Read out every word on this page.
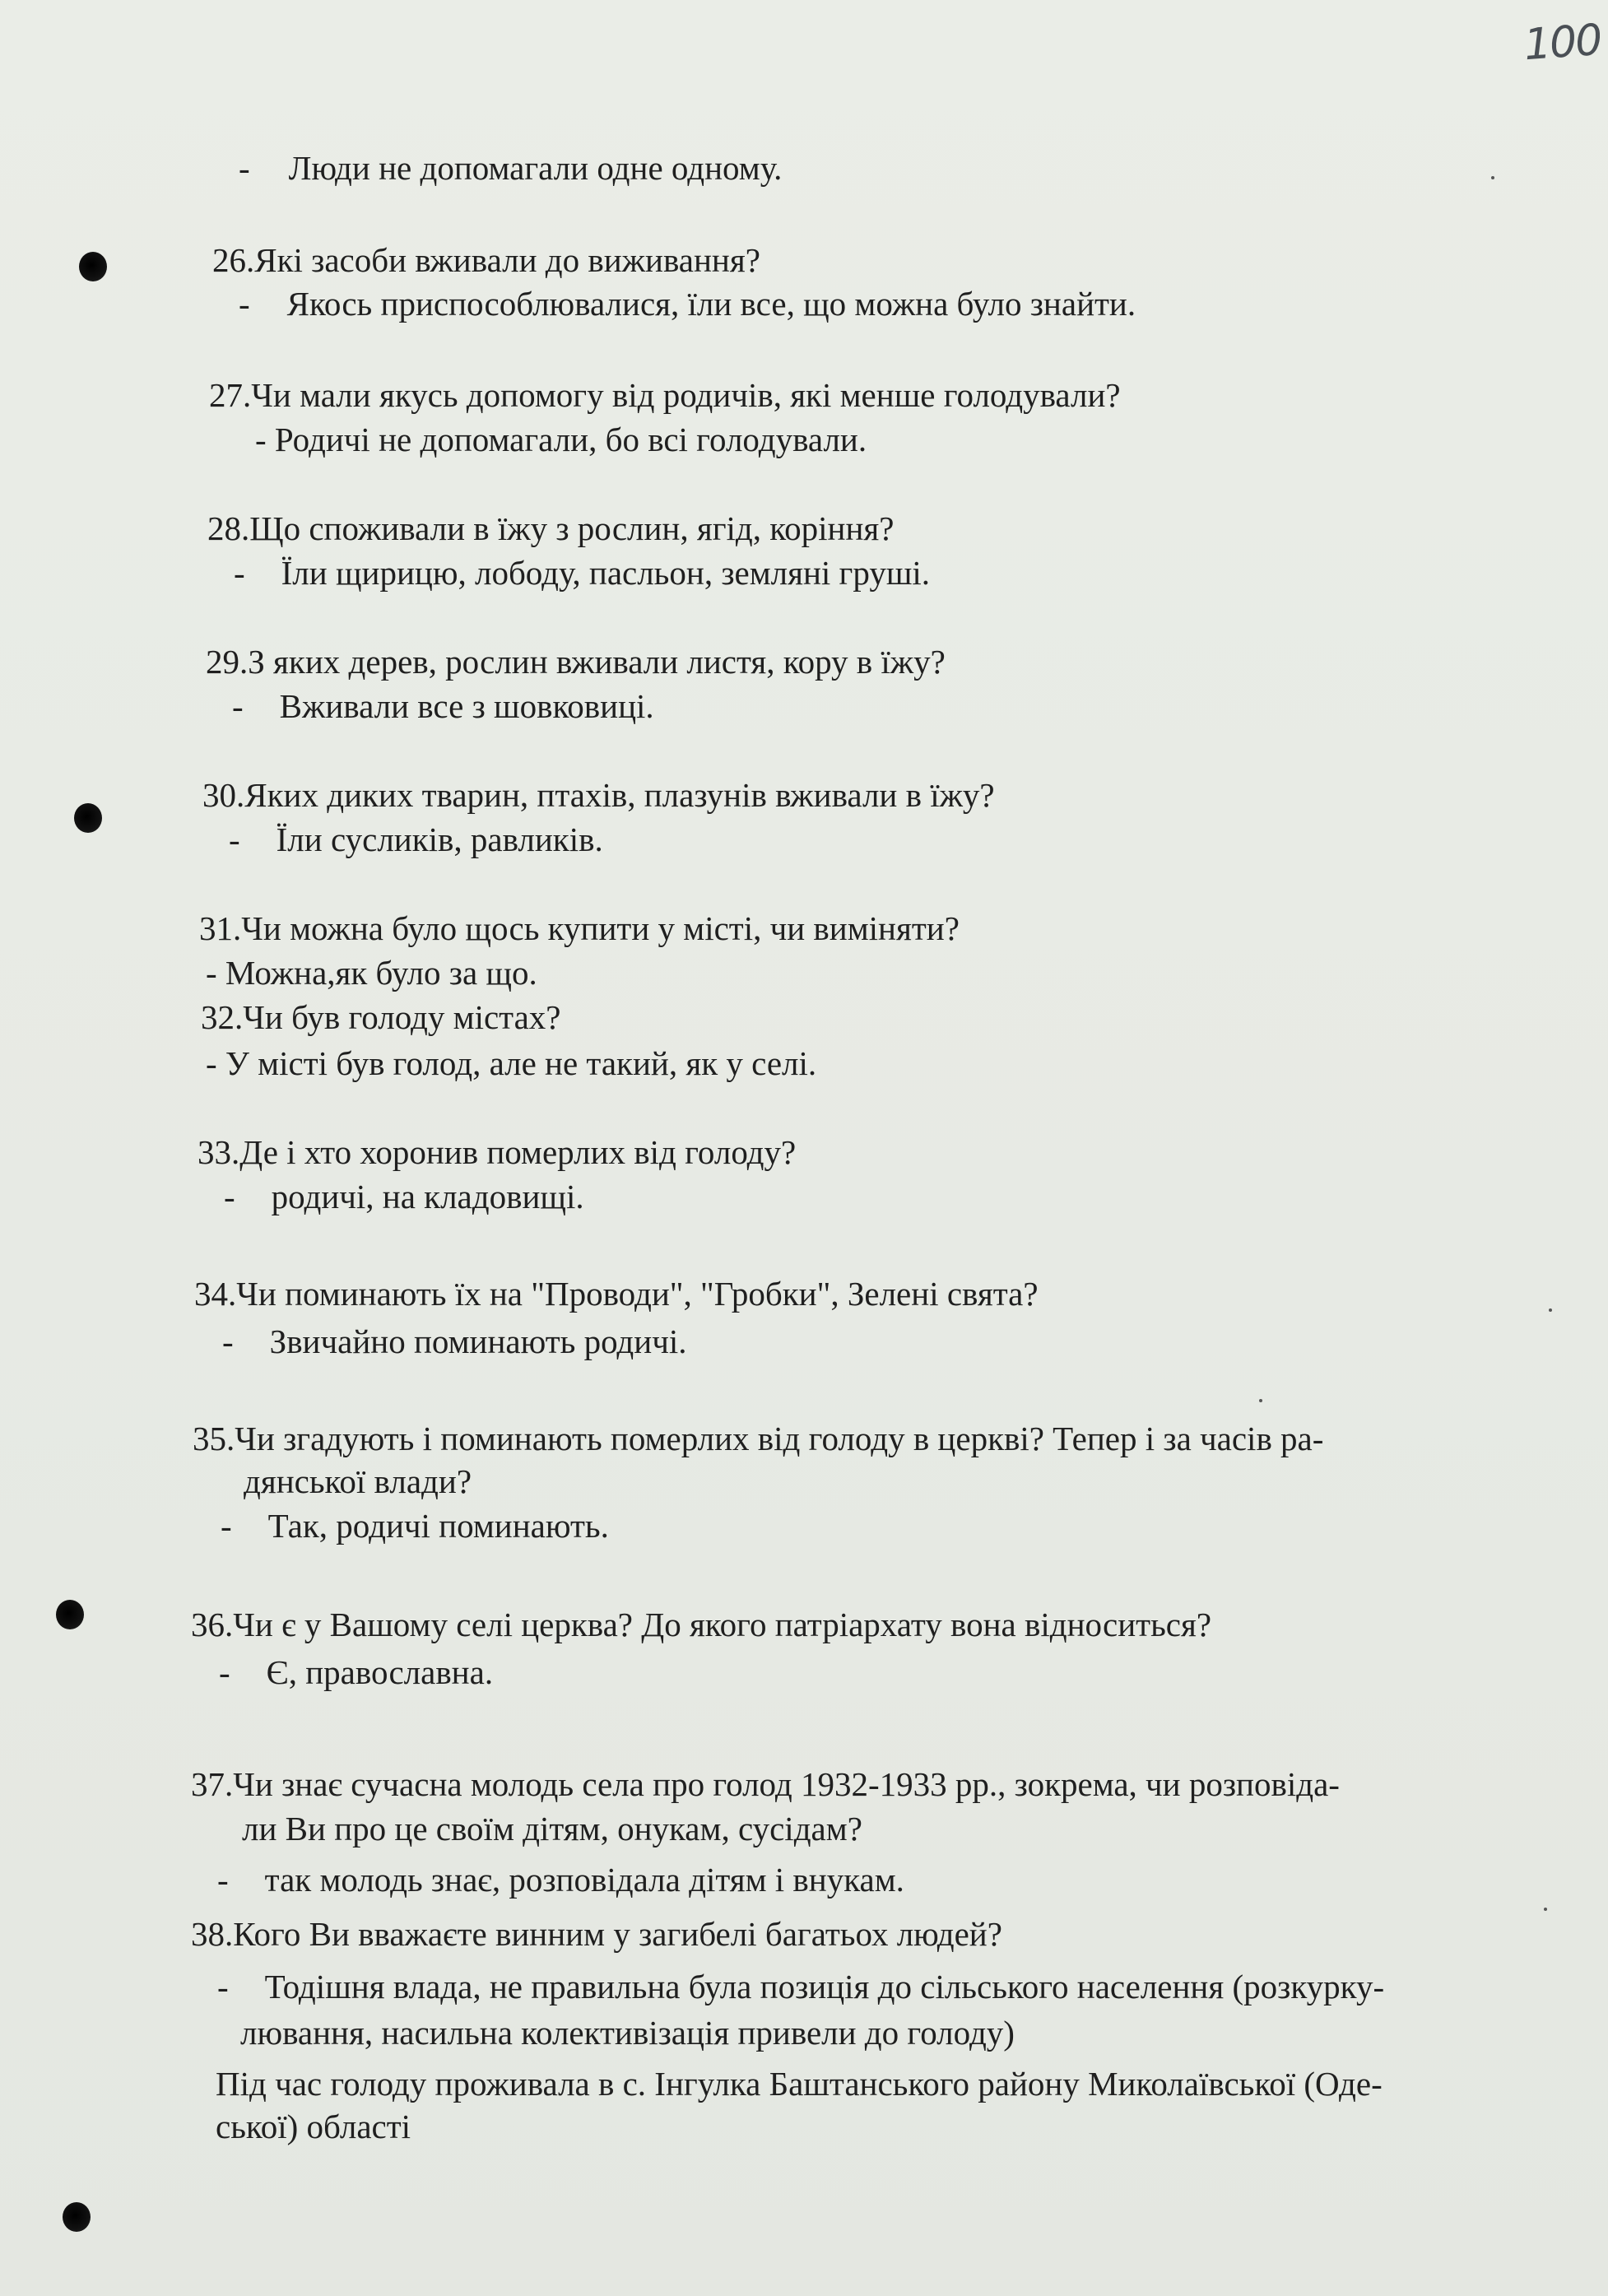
100
- Люди не допомагали одне одному.
26.Які засоби вживали до виживання?
- Якось приспособлювалися, їли все, що можна було знайти.
27.Чи мали якусь допомогу від родичів, які менше голодували?
- Родичі не допомагали, бо всі голодували.
28.Що споживали в їжу з рослин, ягід, коріння?
- Їли щирицю, лободу, пасльон, земляні груші.
29.З яких дерев, рослин вживали листя, кору в їжу?
- Вживали все з шовковиці.
30.Яких диких тварин, птахів, плазунів вживали в їжу?
- Їли сусликів, равликів.
31.Чи можна було щось купити у місті, чи виміняти?
- Можна,як було за що.
32.Чи був голоду містах?
- У місті був голод, але не такий, як у селі.
33.Де і хто хоронив померлих від голоду?
- родичі, на кладовищі.
34.Чи поминають їх на "Проводи", "Гробки", Зелені свята?
- Звичайно поминають родичі.
35.Чи згадують і поминають померлих від голоду в церкві? Тепер і за часів ра-
дянської влади?
- Так, родичі поминають.
36.Чи є у Вашому селі церква? До якого патріархату вона відноситься?
- Є, православна.
37.Чи знає сучасна молодь села про голод 1932-1933 рр., зокрема, чи розповіда-
ли Ви про це своїм дітям, онукам, сусідам?
- так молодь знає, розповідала дітям і внукам.
38.Кого Ви вважаєте винним у загибелі багатьох людей?
- Тодішня влада, не правильна була позиція до сільського населення (розкурку-
лювання, насильна колективізація привели до голоду)
Під час голоду проживала в с. Інгулка Баштанського району Миколаївської (Оде-
ської) області
